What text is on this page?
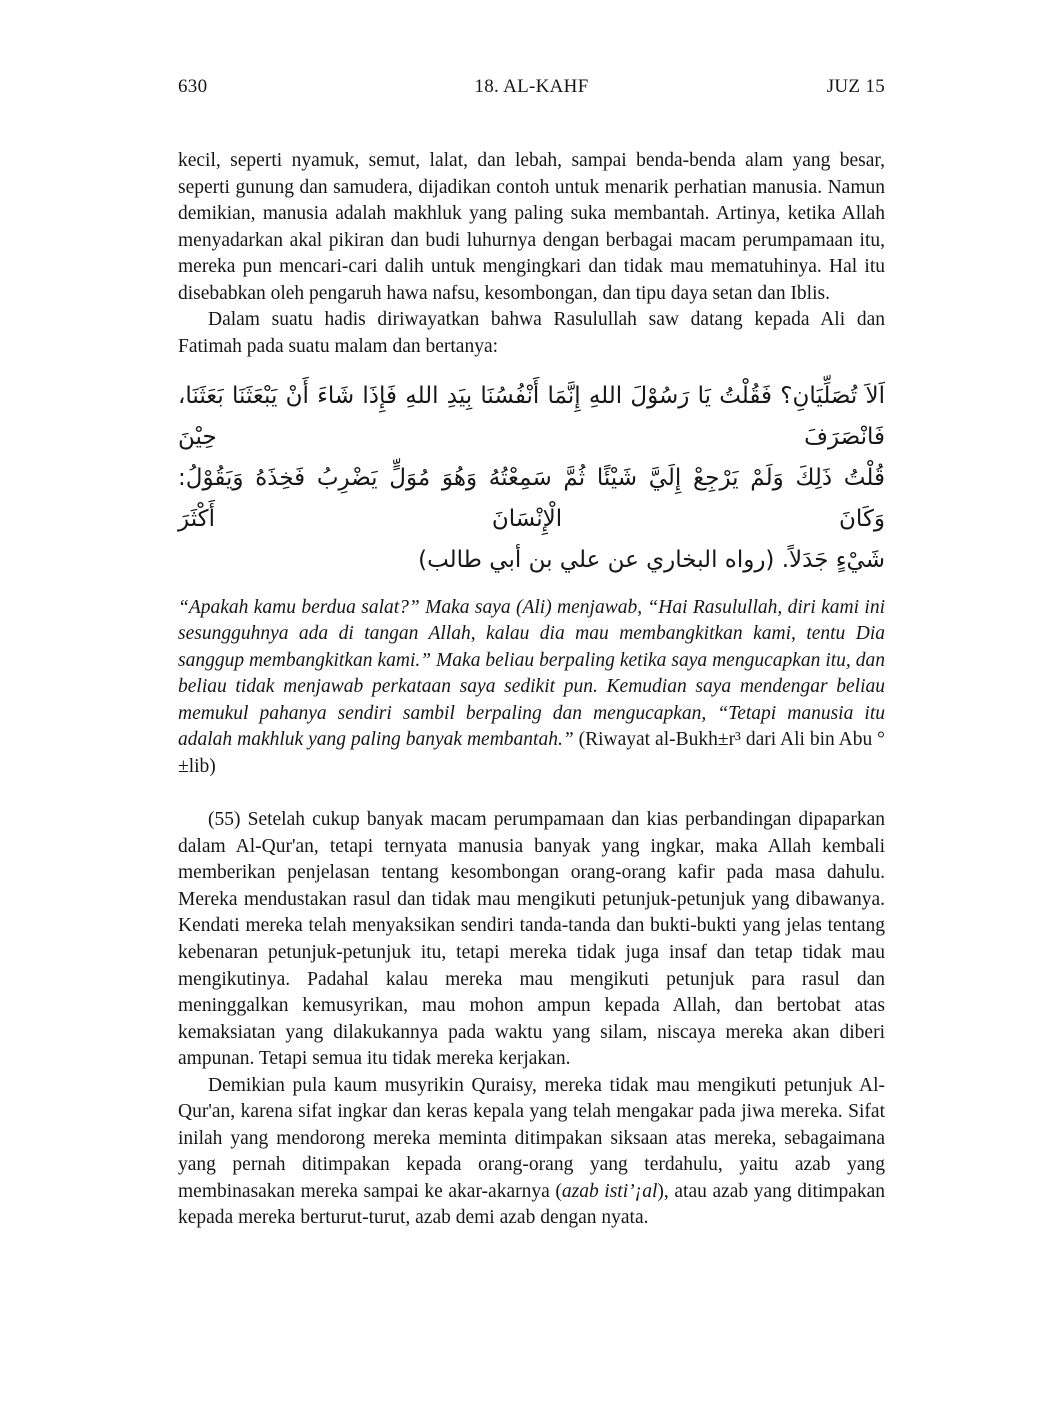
630	18. AL-KAHF	JUZ 15

kecil, seperti nyamuk, semut, lalat, dan lebah, sampai benda-benda alam yang besar, seperti gunung dan samudera, dijadikan contoh untuk menarik perhatian manusia. Namun demikian, manusia adalah makhluk yang paling suka membantah. Artinya, ketika Allah menyadarkan akal pikiran dan budi luhurnya dengan berbagai macam perumpamaan itu, mereka pun mencari-cari dalih untuk mengingkari dan tidak mau mematuhinya. Hal itu disebabkan oleh pengaruh hawa nafsu, kesombongan, dan tipu daya setan dan Iblis.

Dalam suatu hadis diriwayatkan bahwa Rasulullah saw datang kepada Ali dan Fatimah pada suatu malam dan bertanya:

اَلاَ تُصَلِّيَانِ؟ فَقُلْتُ يَا رَسُوْلَ اللهِ إِنَّمَا أَنْفُسُنَا بِيَدِ اللهِ فَإِذَا شَاءَ أَنْ يَبْعَثَنَا بَعَثَنَا، فَانْصَرَفَ حِيْنَ
قُلْتُ ذَلِكَ وَلَمْ يَرْجِعْ إِلَيَّ شَيْئًا ثُمَّ سَمِعْتُهُ وَهُوَ مُوَلٍّ يَضْرِبُ فَخِذَهُ وَيَقُوْلُ: وَكَانَ الْإِنْسَانَ أَكْثَرَ
شَيْءٍ جَدَلاً. (رواه البخاري عن علي بن أبي طالب)

“Apakah kamu berdua salat?” Maka saya (Ali) menjawab, “Hai Rasulullah, diri kami ini sesungguhnya ada di tangan Allah, kalau dia mau membangkitkan kami, tentu Dia sanggup membangkitkan kami.” Maka beliau berpaling ketika saya mengucapkan itu, dan beliau tidak menjawab perkataan saya sedikit pun. Kemudian saya mendengar beliau memukul pahanya sendiri sambil berpaling dan mengucapkan, “Tetapi manusia itu adalah makhluk yang paling banyak membantah.” (Riwayat al-Bukh±r³ dari Ali bin Abu ° ±lib)

(55) Setelah cukup banyak macam perumpamaan dan kias perbandingan dipaparkan dalam Al-Qur'an, tetapi ternyata manusia banyak yang ingkar, maka Allah kembali memberikan penjelasan tentang kesombongan orang-orang kafir pada masa dahulu. Mereka mendustakan rasul dan tidak mau mengikuti petunjuk-petunjuk yang dibawanya. Kendati mereka telah menyaksikan sendiri tanda-tanda dan bukti-bukti yang jelas tentang kebenaran petunjuk-petunjuk itu, tetapi mereka tidak juga insaf dan tetap tidak mau mengikutinya. Padahal kalau mereka mau mengikuti petunjuk para rasul dan meninggalkan kemusyrikan, mau mohon ampun kepada Allah, dan bertobat atas kemaksiatan yang dilakukannya pada waktu yang silam, niscaya mereka akan diberi ampunan. Tetapi semua itu tidak mereka kerjakan.

Demikian pula kaum musyrikin Quraisy, mereka tidak mau mengikuti petunjuk Al-Qur'an, karena sifat ingkar dan keras kepala yang telah mengakar pada jiwa mereka. Sifat inilah yang mendorong mereka meminta ditimpakan siksaan atas mereka, sebagaimana yang pernah ditimpakan kepada orang-orang yang terdahulu, yaitu azab yang membinasakan mereka sampai ke akar-akarnya (azab isti’¡al), atau azab yang ditimpakan kepada mereka berturut-turut, azab demi azab dengan nyata.
